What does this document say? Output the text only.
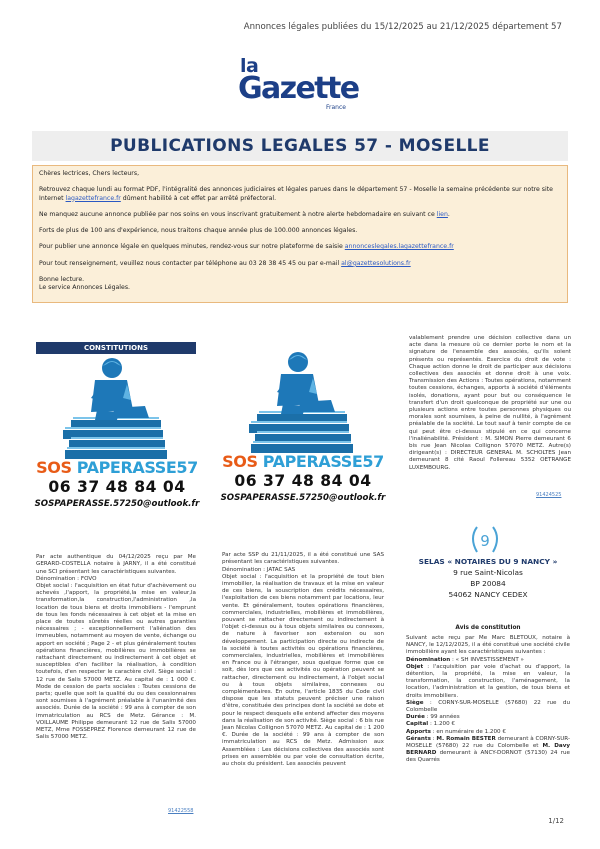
Annonces légales publiées du 15/12/2025 au 21/12/2025 département 57
la
Gazette
France
PUBLICATIONS LEGALES 57 - MOSELLE

Chères lectrices, Chers lecteurs,

Retrouvez chaque lundi au format PDF, l'intégralité des annonces judiciaires et légales parues dans le département 57 - Moselle la semaine précédente sur notre site Internet lagazettefrance.fr dûment habilité à cet effet par arrêté préfectoral.

Ne manquez aucune annonce publiée par nos soins en vous inscrivant gratuitement à notre alerte hebdomadaire en suivant ce lien.

Forts de plus de 100 ans d'expérience, nous traitons chaque année plus de 100.000 annonces légales.

Pour publier une annonce légale en quelques minutes, rendez-vous sur notre plateforme de saisie annonceslegales.lagazettefrance.fr

Pour tout renseignement, veuillez nous contacter par téléphone au 03 28 38 45 45 ou par e-mail al@gazettesolutions.fr

Bonne lecture.

Le service Annonces Légales.

CONSTITUTIONS
SOS PAPERASSE57
06 37 48 84 04
SOSPAPERASSE.57250@outlook.fr
SOS PAPERASSE57
06 37 48 84 04
SOSPAPERASSE.57250@outlook.fr

Par acte authentique du 04/12/2025 reçu par Me GERARD-COSTELLA notaire à JARNY, il a été constitué une SCI présentant les caractéristiques suivantes.
Dénomination : FOVO
Objet social : l'acquisition en état futur d'achèvement ou achevés ,l'apport, la propriété,la mise en valeur,la transformation,la construction,l'administration ,la location de tous biens et droits immobiliers - l'emprunt de tous les fonds nécessaires à cet objet et la mise en place de toutes sûretés réelles ou autres garanties nécessaires ; - exceptionnellement l'aliénation des immeubles, notamment au moyen de vente, échange ou apport en société ; Page 2 - et plus généralement toutes opérations financières, mobilières ou immobilières se rattachant directement ou indirectement à cet objet et susceptibles d'en faciliter la réalisation, à condition toutefois, d'en respecter le caractère civil. Siège social : 12 rue de Salis 57000 METZ. Au capital de : 1 000 €. Mode de cession de parts sociales : Toutes cessions de parts; quelle que soit la qualité du ou des cessionnaires sont soumises à l'agrément préalable à l'unanimité des associés. Durée de la société : 99 ans à compter de son immatriculation au RCS de Metz. Gérance : M. VOILLAUME Philippe demeurant 12 rue de Salis 57000 METZ, Mme FOSSEPREZ Florence demeurant 12 rue de Salis 57000 METZ.

91422558

Par acte SSP du 21/11/2025, il a été constitué une SAS présentant les caractéristiques suivantes.
Dénomination : JATAC SAS
Objet social : l'acquisition et la propriété de tout bien immobilier, la réalisation de travaux et la mise en valeur de ces biens, la souscription des crédits nécessaires, l'exploitation de ces biens notamment par locations, leur vente. Et généralement, toutes opérations financières, commerciales, industrielles, mobilières et immobilières, pouvant se rattacher directement ou indirectement à l'objet ci-dessus ou à tous objets similaires ou connexes, de nature à favoriser son extension ou son développement. La participation directe ou indirecte de la société à toutes activités ou opérations financières, commerciales, industrielles, mobilières et immobilières en France ou à l'étranger, sous quelque forme que ce soit, dès lors que ces activités ou opération peuvent se rattacher, directement ou indirectement, à l'objet social ou à tous objets similaires, connexes ou complémentaires. En outre, l'article 1835 du Code civil dispose que les statuts peuvent préciser une raison d'être, constituée des principes dont la société se dote et pour le respect desquels elle entend affecter des moyens dans la réalisation de son activité. Siège social : 6 bis rue Jean Nicolas Collignon 57070 METZ. Au capital de : 1 200 €. Durée de la société : 99 ans à compter de son immatriculation au RCS de Metz. Admission aux Assemblées : Les décisions collectives des associés sont prises en assemblée ou par voie de consultation écrite, au choix du président. Les associés peuvent

valablement prendre une décision collective dans un acte dans la mesure où ce dernier porte le nom et la signature de l'ensemble des associés, qu'ils soient présents ou représentés. Exercice du droit de vote : Chaque action donne le droit de participer aux décisions collectives des associés et donne droit à une voix. Transmission des Actions : Toutes opérations, notamment toutes cessions, échanges, apports à société d'éléments isolés, donations, ayant pour but ou conséquence le transfert d'un droit quelconque de propriété sur une ou plusieurs actions entre toutes personnes physiques ou morales sont soumises, à peine de nullité, à l'agrément préalable de la société. Le tout sauf à tenir compte de ce qui peut être ci-dessus stipulé en ce qui concerne l'inaliénabilité. Président : M. SIMON Pierre demeurant 6 bis rue Jean Nicolas Collignon 57070 METZ. Autre(s) dirigeant(s) : DIRECTEUR GENERAL M. SCHOLTES Jean demeurant 8 cité Raoul Follereau 5352 OETRANGE LUXEMBOURG.
91424525
9
SELAS « NOTAIRES DU 9 NANCY »
9 rue Saint-Nicolas
BP 20084
54062 NANCY CEDEX
Avis de constitution
Suivant acte reçu par Me Marc BLETOUX, notaire à NANCY, le 12/12/2025, il a été constitué une société civile immobilière ayant les caractéristiques suivantes :
Dénomination : « SH INVESTISSEMENT »
Objet : l'acquisition par voie d'achat ou d'apport, la détention, la propriété, la mise en valeur, la transformation, la construction, l'aménagement, la location, l'administration et la gestion, de tous biens et droits immobiliers.
Siège : CORNY-SUR-MOSELLE (57680) 22 rue du Colombelle
Durée : 99 années
Capital : 1.200 €
Apports : en numéraire de 1.200 €
Gérants : M. Romain BESTER demeurant à CORNY-SUR-MOSELLE (57680) 22 rue du Colombelle et M. Davy BERNARD demeurant à ANCY-DORNOT (57130) 24 rue des Quarrés
1/12
